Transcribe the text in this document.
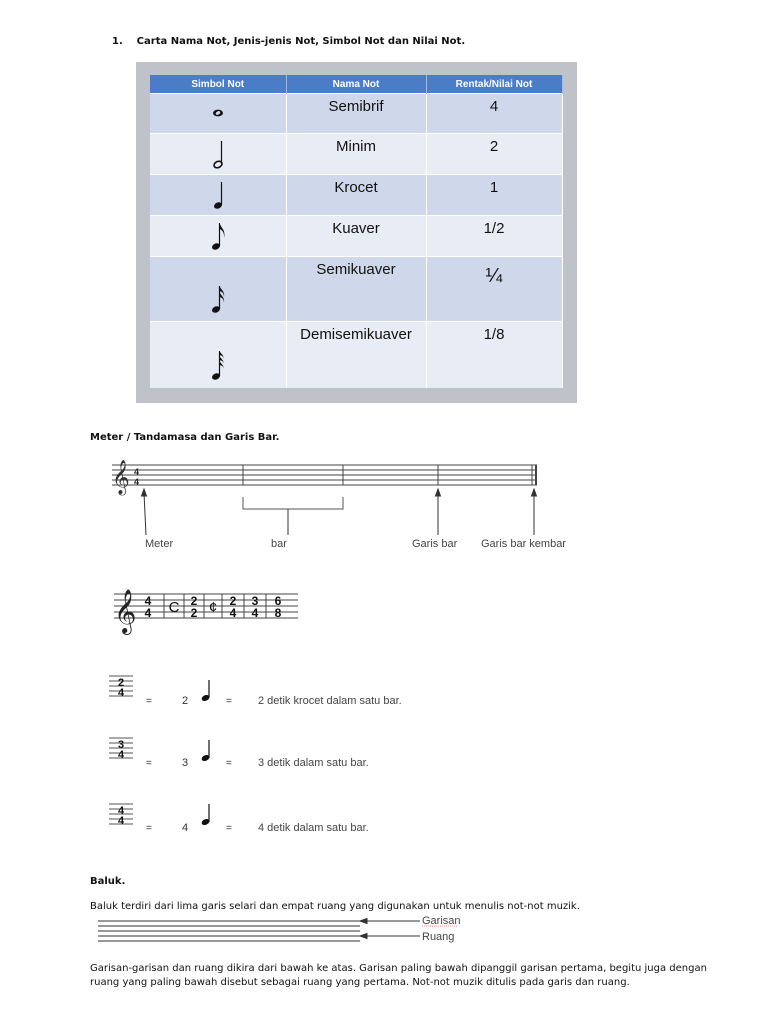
1.    Carta Nama Not, Jenis-jenis Not, Simbol Not dan Nilai Not.
Simbol Not	Nama Not	Rentak/Nilai Not

Semibrif	4

Minim	2

Krocet	1

Kuaver	1/2

Semikuaver	¼

Demisemikuaver	1/8
Meter / Tandamasa dan Garis Bar.
𝄞 4
4
Meter	bar	Garis bar Garis bar kembar
𝄞 4
4 C 2
2 ¢ 2
4
3
4
6
8
2
4
=	2	= 2 detik krocet dalam satu bar.
3
4
=	3	= 3 detik dalam satu bar.
4
4
=	4	= 4 detik dalam satu bar.
Baluk.
Baluk terdiri dari lima garis selari dan empat ruang yang digunakan untuk menulis not-not muzik.
Garisan
Ruang
Garisan-garisan dan ruang dikira dari bawah ke atas. Garisan paling bawah dipanggil garisan pertama, begitu juga dengan
ruang yang paling bawah disebut sebagai ruang yang pertama. Not-not muzik ditulis pada garis dan ruang.
